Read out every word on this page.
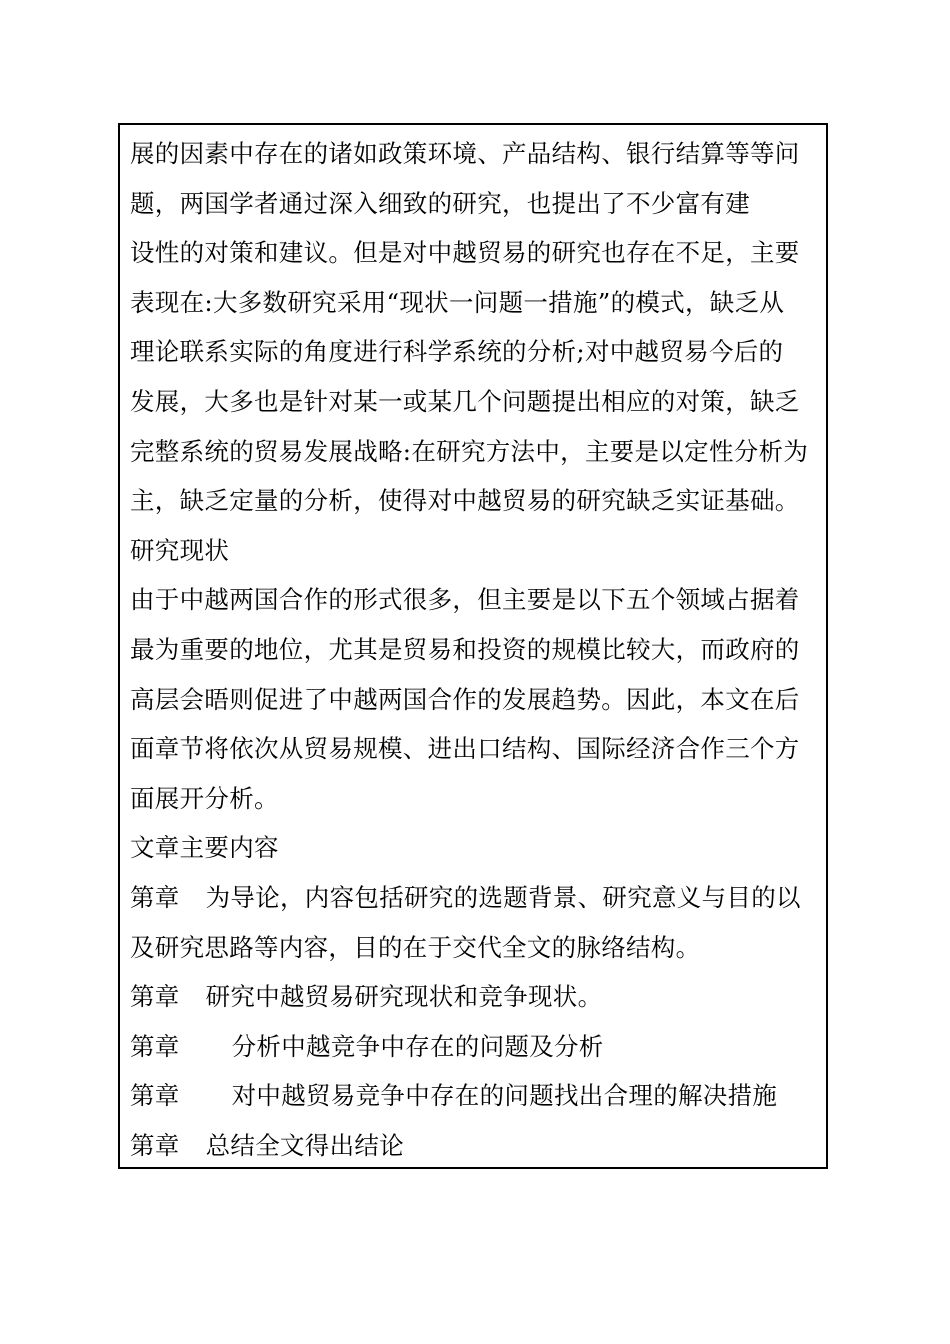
展的因素中存在的诸如政策环境、产品结构、银行结算等等问
题，两国学者通过深入细致的研究，也提出了不少富有建
设性的对策和建议。但是对中越贸易的研究也存在不足，主要
表现在:大多数研究采用“现状一问题一措施”的模式，缺乏从
理论联系实际的角度进行科学系统的分析;对中越贸易今后的
发展，大多也是针对某一或某几个问题提出相应的对策，缺乏
完整系统的贸易发展战略:在研究方法中，主要是以定性分析为
主，缺乏定量的分析，使得对中越贸易的研究缺乏实证基础。
研究现状
由于中越两国合作的形式很多，但主要是以下五个领域占据着
最为重要的地位，尤其是贸易和投资的规模比较大，而政府的
高层会晤则促进了中越两国合作的发展趋势。因此，本文在后
面章节将依次从贸易规模、进出口结构、国际经济合作三个方
面展开分析。
文章主要内容
第章 为导论，内容包括研究的选题背景、研究意义与目的以
及研究思路等内容，目的在于交代全文的脉络结构。
第章 研究中越贸易研究现状和竞争现状。
第章 分析中越竞争中存在的问题及分析
第章 对中越贸易竞争中存在的问题找出合理的解决措施
第章 总结全文得出结论
